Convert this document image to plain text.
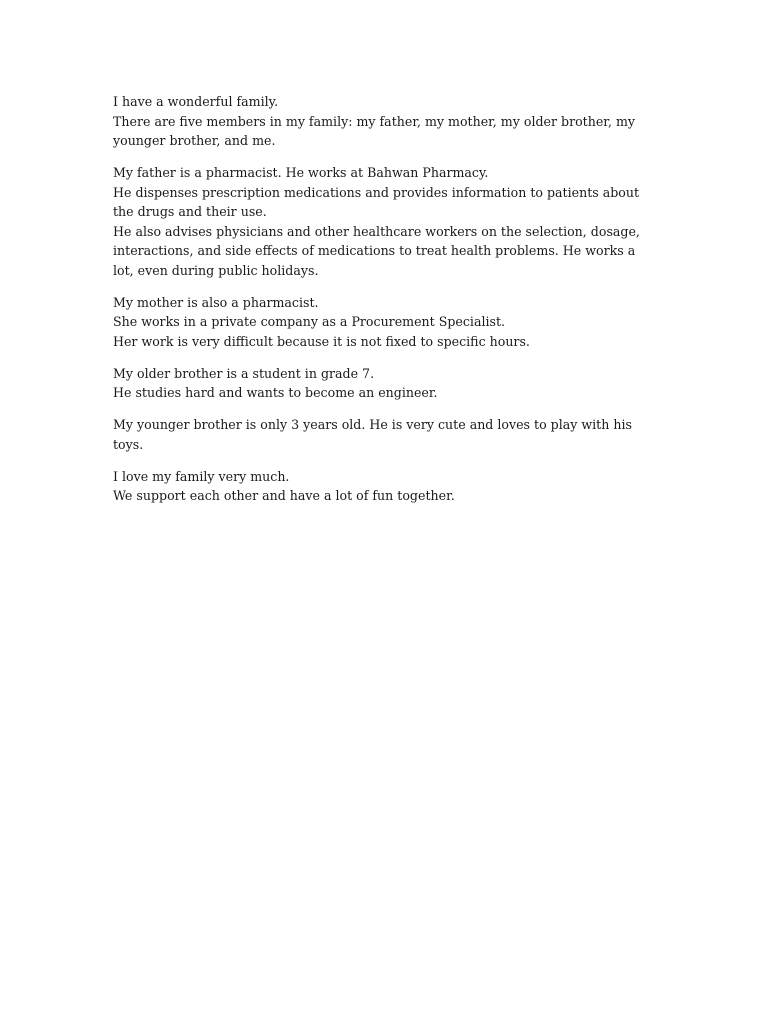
I have a wonderful family.
There are five members in my family: my father, my mother, my older brother, my younger brother, and me.

My father is a pharmacist. He works at Bahwan Pharmacy.
He dispenses prescription medications and provides information to patients about the drugs and their use.
He also advises physicians and other healthcare workers on the selection, dosage, interactions, and side effects of medications to treat health problems. He works a lot, even during public holidays.

My mother is also a pharmacist.
She works in a private company as a Procurement Specialist.
Her work is very difficult because it is not fixed to specific hours.

My older brother is a student in grade 7.
He studies hard and wants to become an engineer.

My younger brother is only 3 years old. He is very cute and loves to play with his toys.

I love my family very much.
We support each other and have a lot of fun together.
